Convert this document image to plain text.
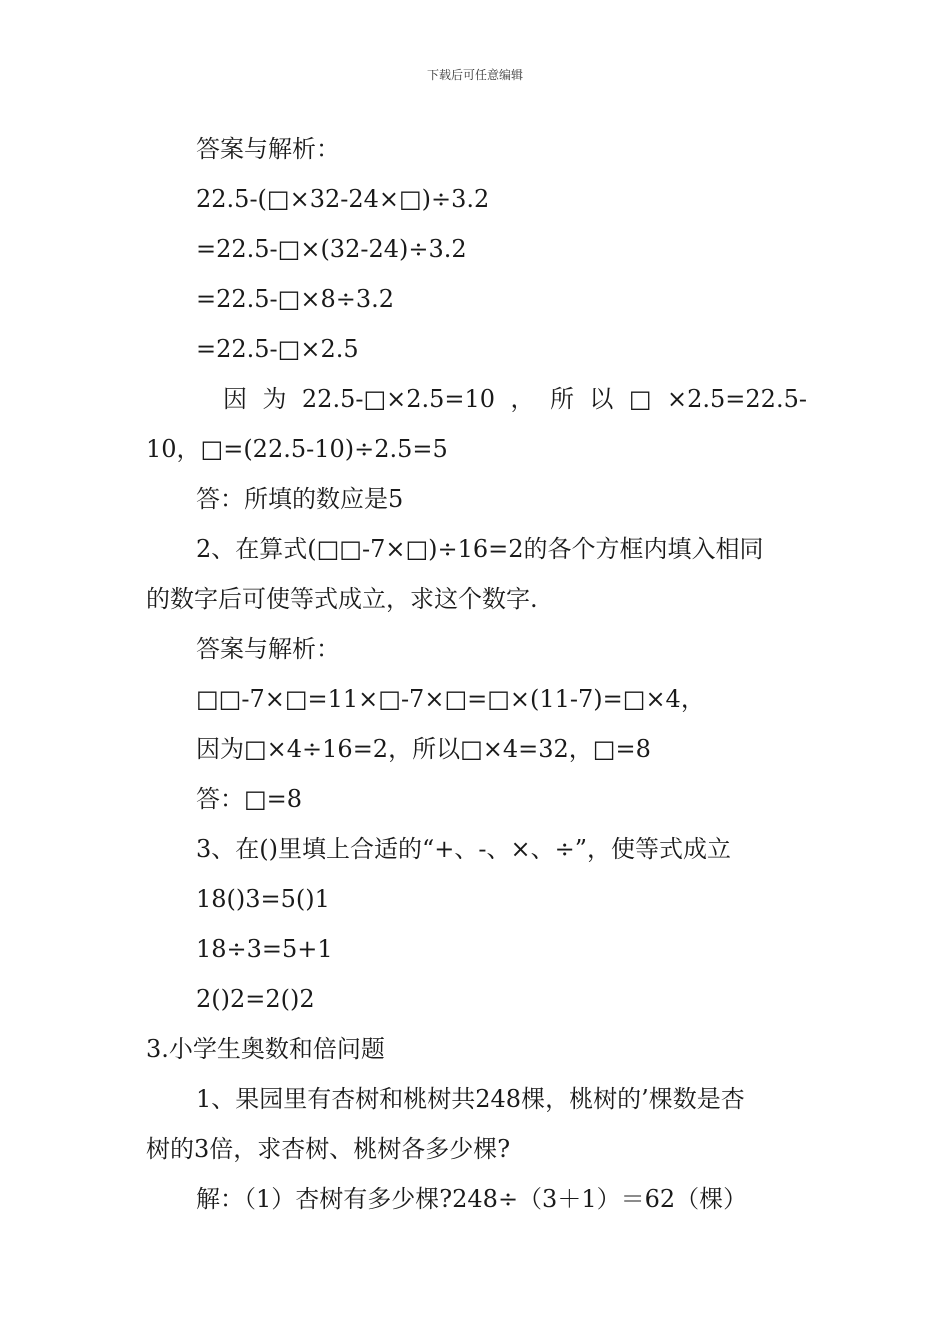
下载后可任意编辑
答案与解析：
22.5-(□×32-24×□)÷3.2
=22.5-□×(32-24)÷3.2
=22.5-□×8÷3.2
=22.5-□×2.5
因 为 22.5-□×2.5=10 ， 所 以 □ ×2.5=22.5-
10，□=(22.5-10)÷2.5=5
答：所填的数应是5
2、在算式(□□-7×□)÷16=2的各个方框内填入相同
的数字后可使等式成立，求这个数字.
答案与解析：
□□-7×□=11×□-7×□=□×(11-7)=□×4，
因为□×4÷16=2，所以□×4=32，□=8
答：□=8
3、在()里填上合适的“+、-、×、÷”，使等式成立
18()3=5()1
18÷3=5+1
2()2=2()2
3.小学生奥数和倍问题
1、果园里有杏树和桃树共248棵，桃树的’棵数是杏
树的3倍，求杏树、桃树各多少棵?
解：（1）杏树有多少棵?248÷（3＋1）＝62（棵）
